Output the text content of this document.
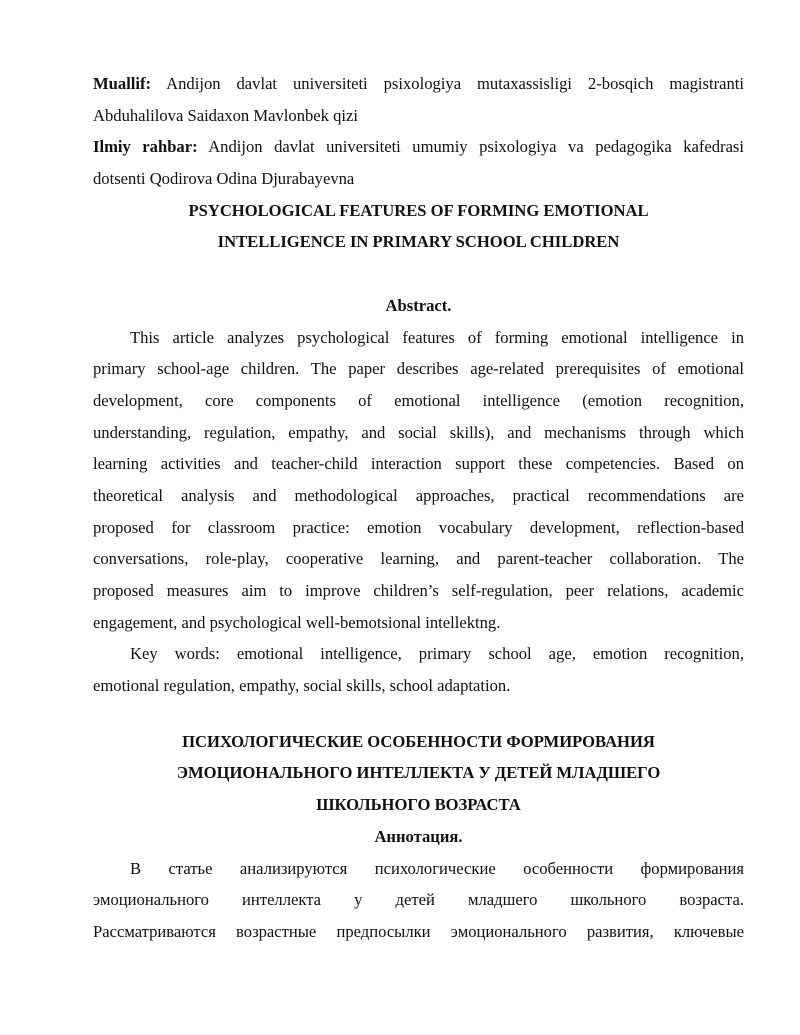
Muallif: Andijon davlat universiteti psixologiya mutaxassisligi 2-bosqich magistranti
Abduhalilova Saidaxon Mavlonbek qizi
Ilmiy rahbar: Andijon davlat universiteti umumiy psixologiya va pedagogika kafedrasi
dotsenti Qodirova Odina Djurabayevna
PSYCHOLOGICAL FEATURES OF FORMING EMOTIONAL
INTELLIGENCE IN PRIMARY SCHOOL CHILDREN
Abstract.
This article analyzes psychological features of forming emotional intelligence in
primary school-age children. The paper describes age-related prerequisites of emotional
development, core components of emotional intelligence (emotion recognition,
understanding, regulation, empathy, and social skills), and mechanisms through which
learning activities and teacher-child interaction support these competencies. Based on
theoretical analysis and methodological approaches, practical recommendations are
proposed for classroom practice: emotion vocabulary development, reflection-based
conversations, role-play, cooperative learning, and parent-teacher collaboration. The
proposed measures aim to improve children’s self-regulation, peer relations, academic
engagement, and psychological well-bemotsional intellektng.
Key words: emotional intelligence, primary school age, emotion recognition,
emotional regulation, empathy, social skills, school adaptation.
ПСИХОЛОГИЧЕСКИЕ ОСОБЕННОСТИ ФОРМИРОВАНИЯ
ЭМОЦИОНАЛЬНОГО ИНТЕЛЛЕКТА У ДЕТЕЙ МЛАДШЕГО
ШКОЛЬНОГО ВОЗРАСТА
Аннотация.
В статье анализируются психологические особенности формирования
эмоционального интеллекта у детей младшего школьного возраста.
Рассматриваются возрастные предпосылки эмоционального развития, ключевые
